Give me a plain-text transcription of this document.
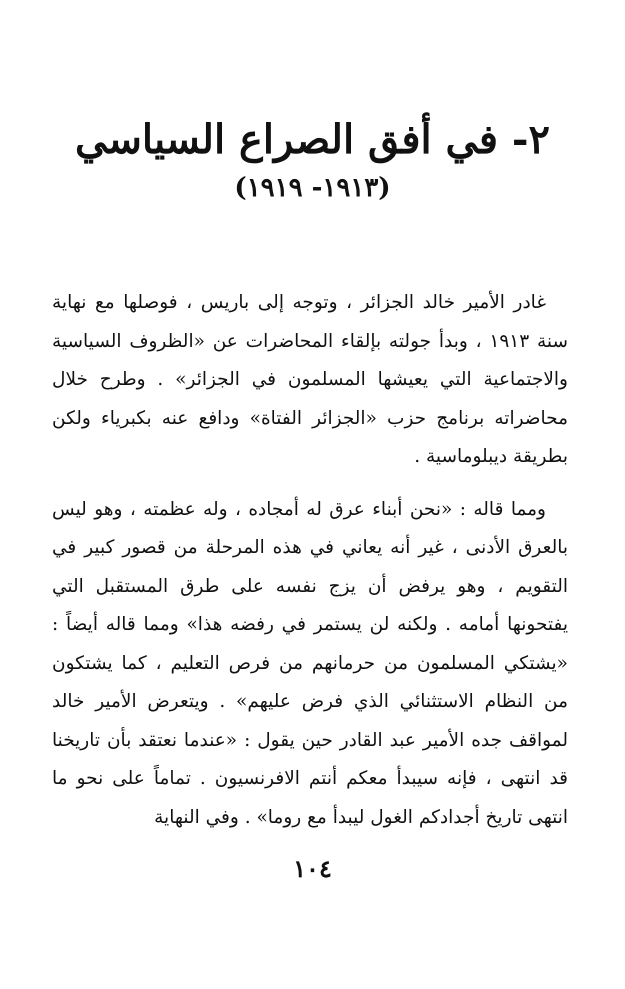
٢- في أفق الصراع السياسي
(١٩١٣- ١٩١٩)

غادر الأمير خالد الجزائر ، وتوجه إلى باريس ، فوصلها مع نهاية سنة ١٩١٣ ، وبدأ جولته بإلقاء المحاضرات عن «الظروف السياسية والاجتماعية التي يعيشها المسلمون في الجزائر» . وطرح خلال محاضراته برنامج حزب «الجزائر الفتاة» ودافع عنه بكبرياء ولكن بطريقة ديبلوماسية .

ومما قاله : «نحن أبناء عرق له أمجاده ، وله عظمته ، وهو ليس بالعرق الأدنى ، غير أنه يعاني في هذه المرحلة من قصور كبير في التقويم ، وهو يرفض أن يزج نفسه على طرق المستقبل التي يفتحونها أمامه . ولكنه لن يستمر في رفضه هذا» ومما قاله أيضاً : «يشتكي المسلمون من حرمانهم من فرص التعليم ، كما يشتكون من النظام الاستثنائي الذي فرض عليهم» . ويتعرض الأمير خالد لمواقف جده الأمير عبد القادر حين يقول : «عندما نعتقد بأن تاريخنا قد انتهى ، فإنه سيبدأ معكم أنتم الافرنسيون . تماماً على نحو ما انتهى تاريخ أجدادكم الغول ليبدأ مع روما» . وفي النهاية

١٠٤
